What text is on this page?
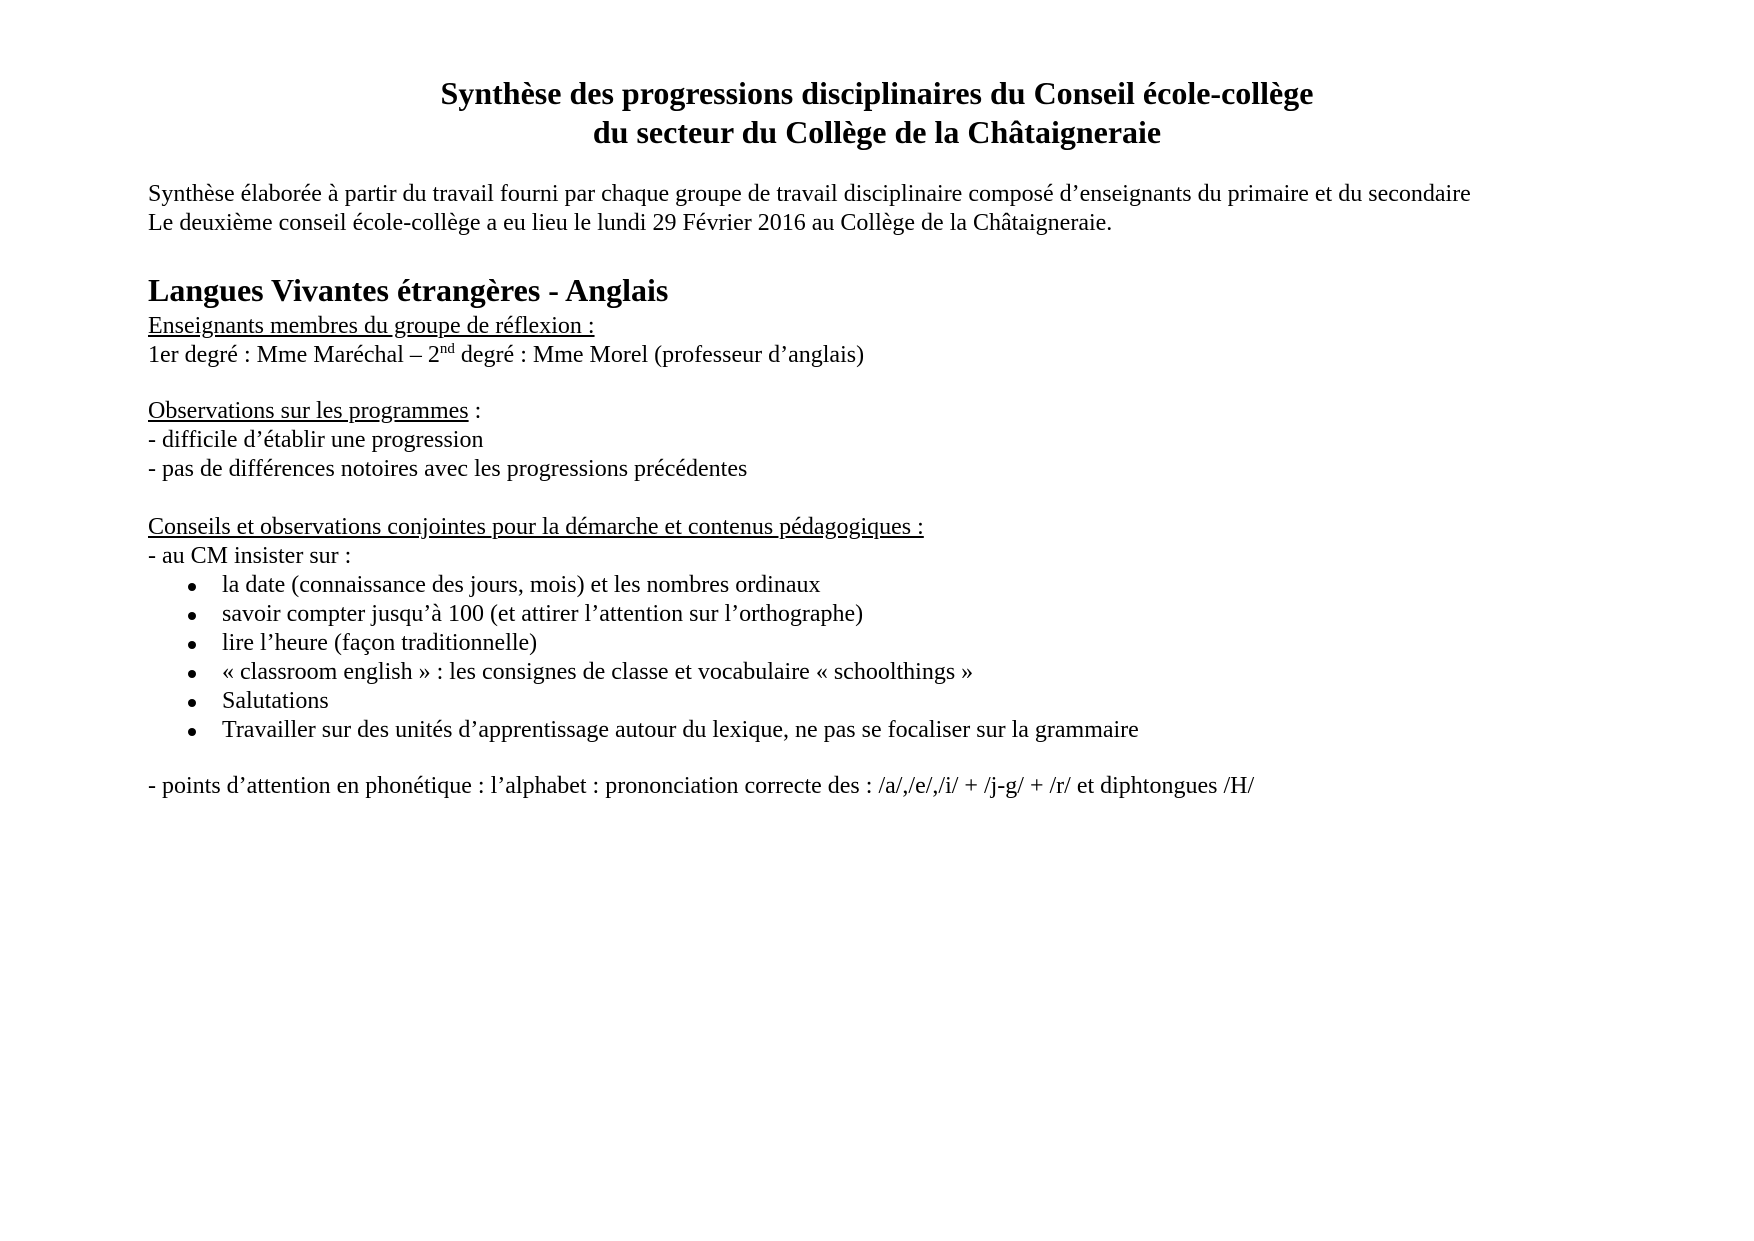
Synthèse des progressions disciplinaires du Conseil école-collège

du secteur du Collège de la Châtaigneraie

Synthèse élaborée à partir du travail fourni par chaque groupe de travail disciplinaire composé d’enseignants du primaire et du secondaire

Le deuxième conseil école-collège a eu lieu le lundi 29 Février 2016 au Collège de la Châtaigneraie.

Langues Vivantes étrangères - Anglais

Enseignants membres du groupe de réflexion :

1er degré : Mme Maréchal – 2nd degré : Mme Morel (professeur d’anglais)

Observations sur les programmes :

- difficile d’établir une progression

- pas de différences notoires avec les progressions précédentes

Conseils et observations conjointes pour la démarche et contenus pédagogiques :

- au CM insister sur :

la date (connaissance des jours, mois) et les nombres ordinaux
savoir compter jusqu’à 100 (et attirer l’attention sur l’orthographe)
lire l’heure (façon traditionnelle)
« classroom english » : les consignes de classe et vocabulaire « schoolthings »
Salutations
Travailler sur des unités d’apprentissage autour du lexique, ne pas se focaliser sur la grammaire

- points d’attention en phonétique : l’alphabet : prononciation correcte des : /a/,/e/,/i/ + /j-g/ + /r/ et diphtongues /H/
